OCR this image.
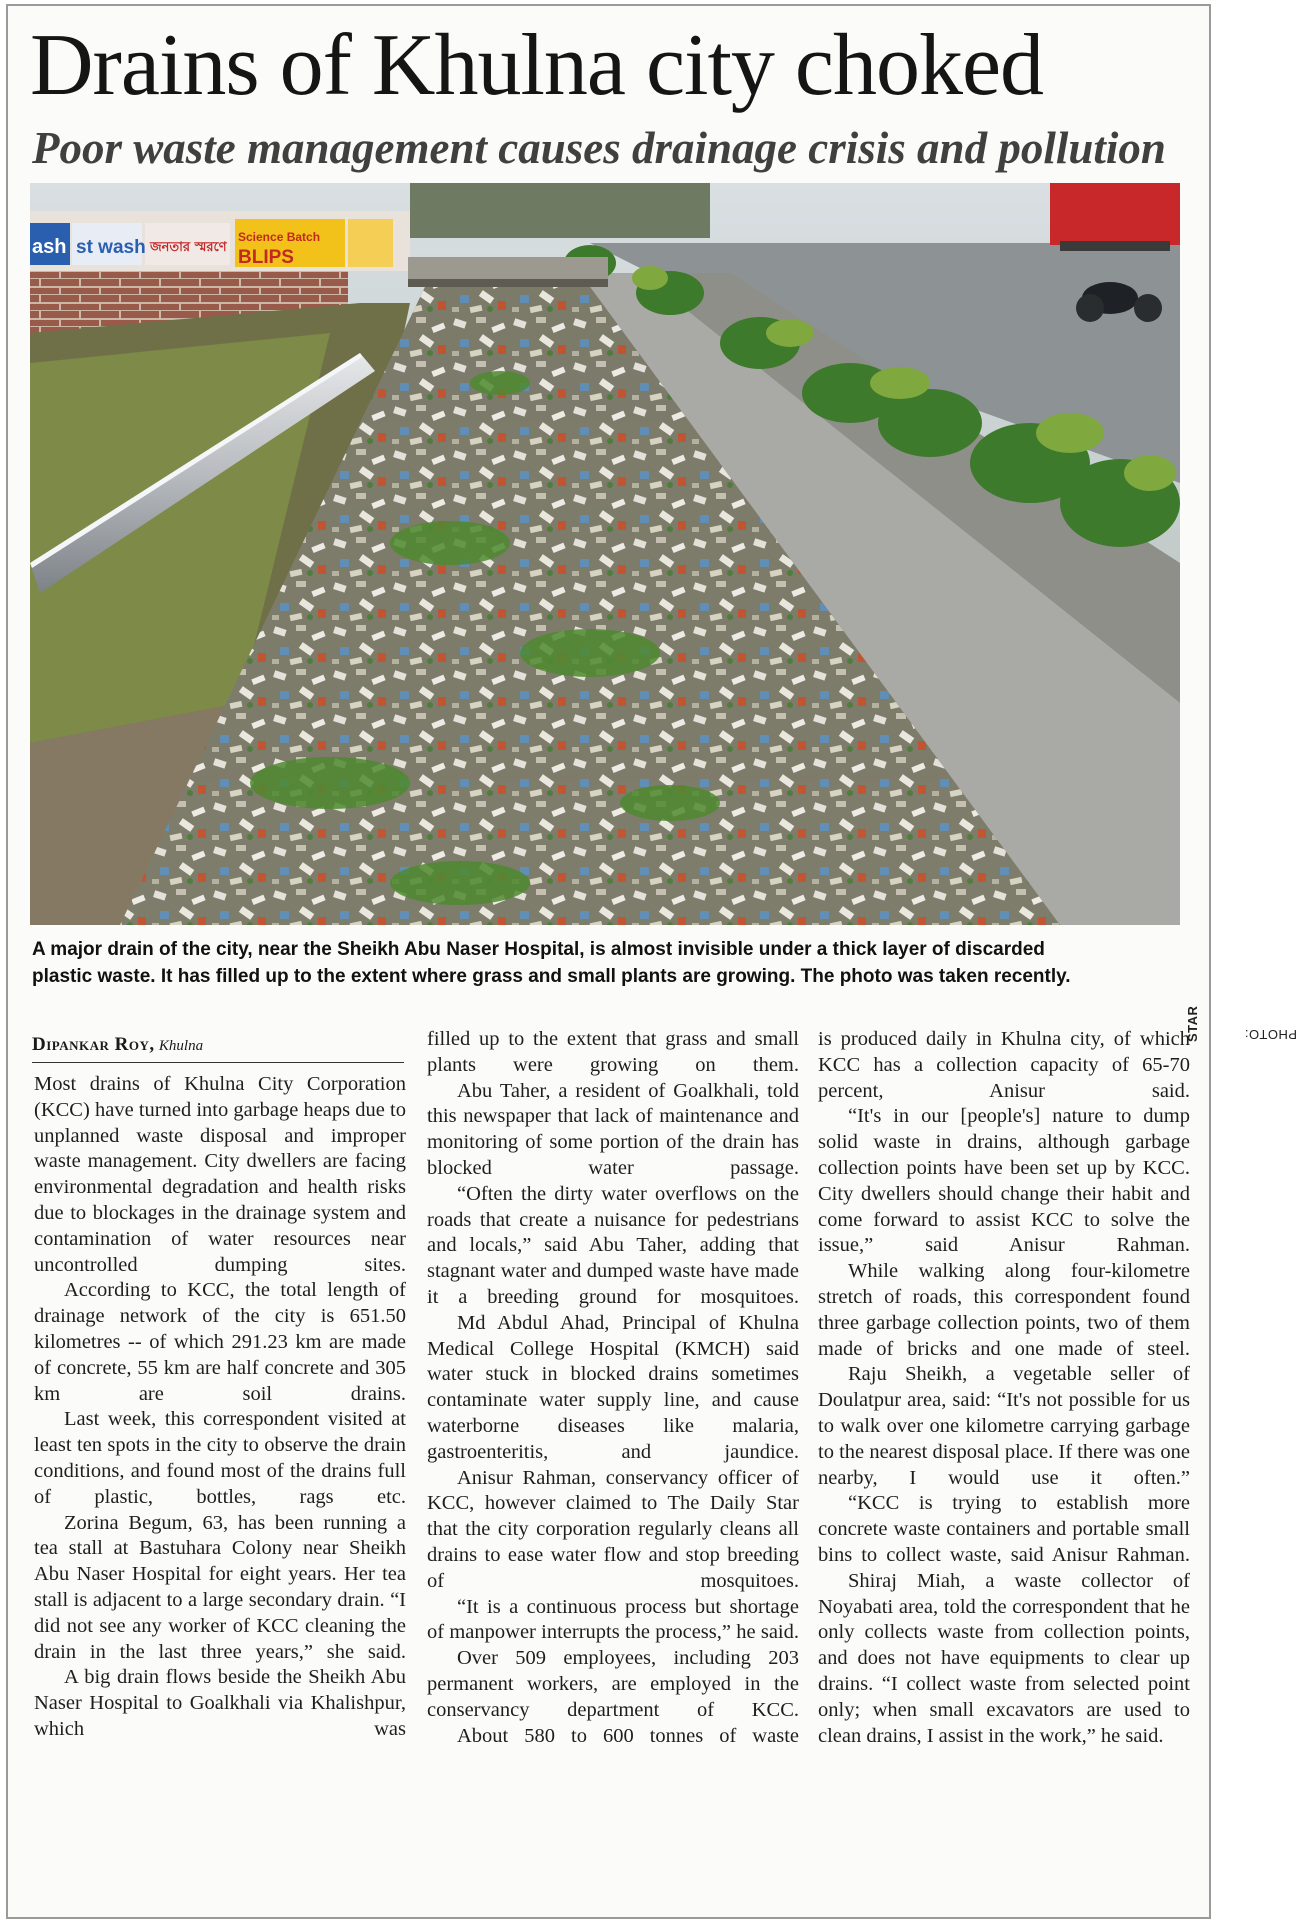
Drains of Khulna city choked
Poor waste management causes drainage crisis and pollution
ash st wash জনতার স্মরণে
Science Batch
BLIPS
PHOTO:
STAR

A major drain of the city, near the Sheikh Abu Naser Hospital, is almost invisible under a thick layer of discarded

plastic waste. It has filled up to the extent where grass and small plants are growing. The photo was taken recently.

Dipankar Roy, Khulna

Most drains of Khulna City Corporation (KCC) have turned into garbage heaps due to unplanned waste disposal and improper waste management. City dwellers are facing environmental degradation and health risks due to blockages in the drainage system and contamination of water resources near uncontrolled dumping sites.

According to KCC, the total length of drainage network of the city is 651.50 kilometres -- of which 291.23 km are made of concrete, 55 km are half concrete and 305 km are soil drains.

Last week, this correspondent visited at least ten spots in the city to observe the drain conditions, and found most of the drains full of plastic, bottles, rags etc.

Zorina Begum, 63, has been running a tea stall at Bastuhara Colony near Sheikh Abu Naser Hospital for eight years. Her tea stall is adjacent to a large secondary drain. “I did not see any worker of KCC cleaning the drain in the last three years,” she said.

A big drain flows beside the Sheikh Abu Naser Hospital to Goalkhali via Khalishpur, which was

filled up to the extent that grass and small plants were growing on them.

Abu Taher, a resident of Goalkhali, told this newspaper that lack of maintenance and monitoring of some portion of the drain has blocked water passage.

“Often the dirty water overflows on the roads that create a nuisance for pedestrians and locals,” said Abu Taher, adding that stagnant water and dumped waste have made it a breeding ground for mosquitoes.

Md Abdul Ahad, Principal of Khulna Medical College Hospital (KMCH) said water stuck in blocked drains sometimes contaminate water supply line, and cause waterborne diseases like malaria, gastroenteritis, and jaundice.

Anisur Rahman, conservancy officer of KCC, however claimed to The Daily Star that the city corporation regularly cleans all drains to ease water flow and stop breeding of mosquitoes.

“It is a continuous process but shortage of manpower interrupts the process,” he said.

Over 509 employees, including 203 permanent workers, are employed in the conservancy department of KCC.

About 580 to 600 tonnes of waste

is produced daily in Khulna city, of which KCC has a collection capacity of 65-70 percent, Anisur said.

“It's in our [people's] nature to dump solid waste in drains, although garbage collection points have been set up by KCC. City dwellers should change their habit and come forward to assist KCC to solve the issue,” said Anisur Rahman.

While walking along four-kilometre stretch of roads, this correspondent found three garbage collection points, two of them made of bricks and one made of steel.

Raju Sheikh, a vegetable seller of Doulatpur area, said: “It's not possible for us to walk over one kilometre carrying garbage to the nearest disposal place. If there was one nearby, I would use it often.”

“KCC is trying to establish more concrete waste containers and portable small bins to collect waste, said Anisur Rahman.

Shiraj Miah, a waste collector of Noyabati area, told the correspondent that he only collects waste from collection points, and does not have equipments to clear up drains. “I collect waste from selected point only; when small excavators are used to clean drains, I assist in the work,” he said.
